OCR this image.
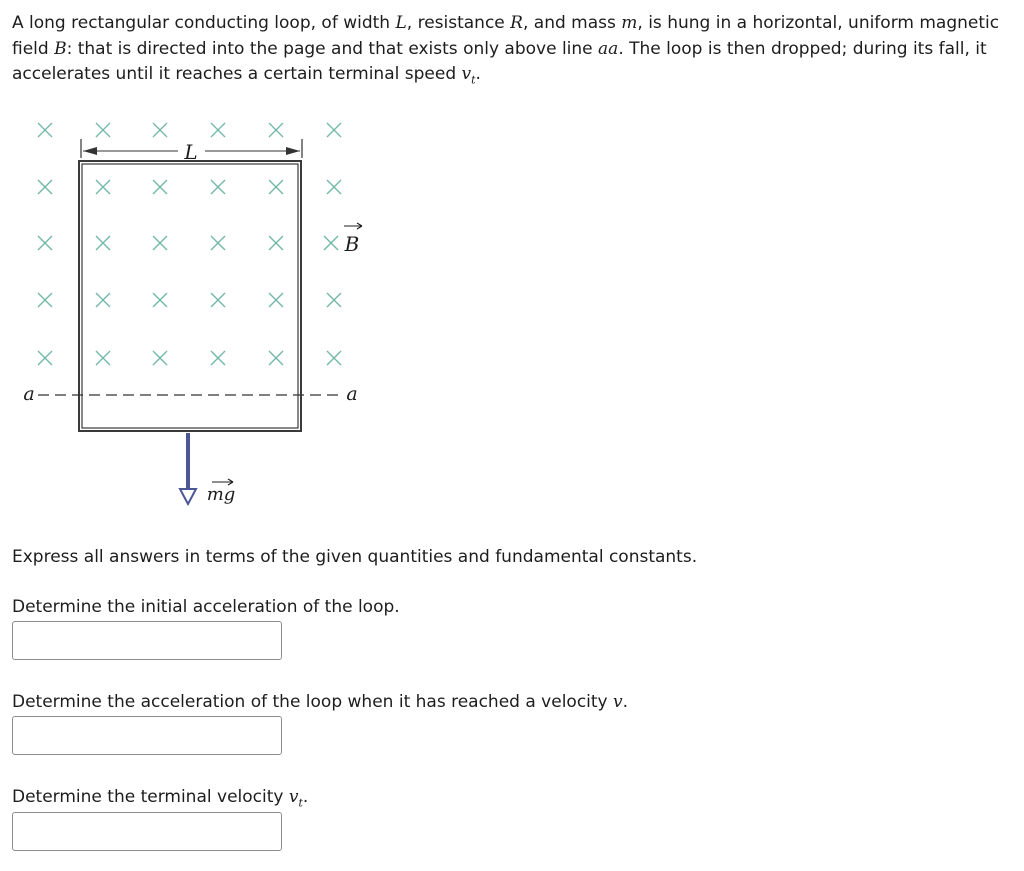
A long rectangular conducting loop, of width L, resistance R, and mass m, is hung in a horizontal, uniform magnetic field B: that is directed into the page and that exists only above line aa. The loop is then dropped; during its fall, it accelerates until it reaches a certain terminal speed $v_t$.

L
a	a
B
mg

Express all answers in terms of the given quantities and fundamental constants.

Determine the initial acceleration of the loop.

Determine the acceleration of the loop when it has reached a velocity v.

Determine the terminal velocity $v_t$.
